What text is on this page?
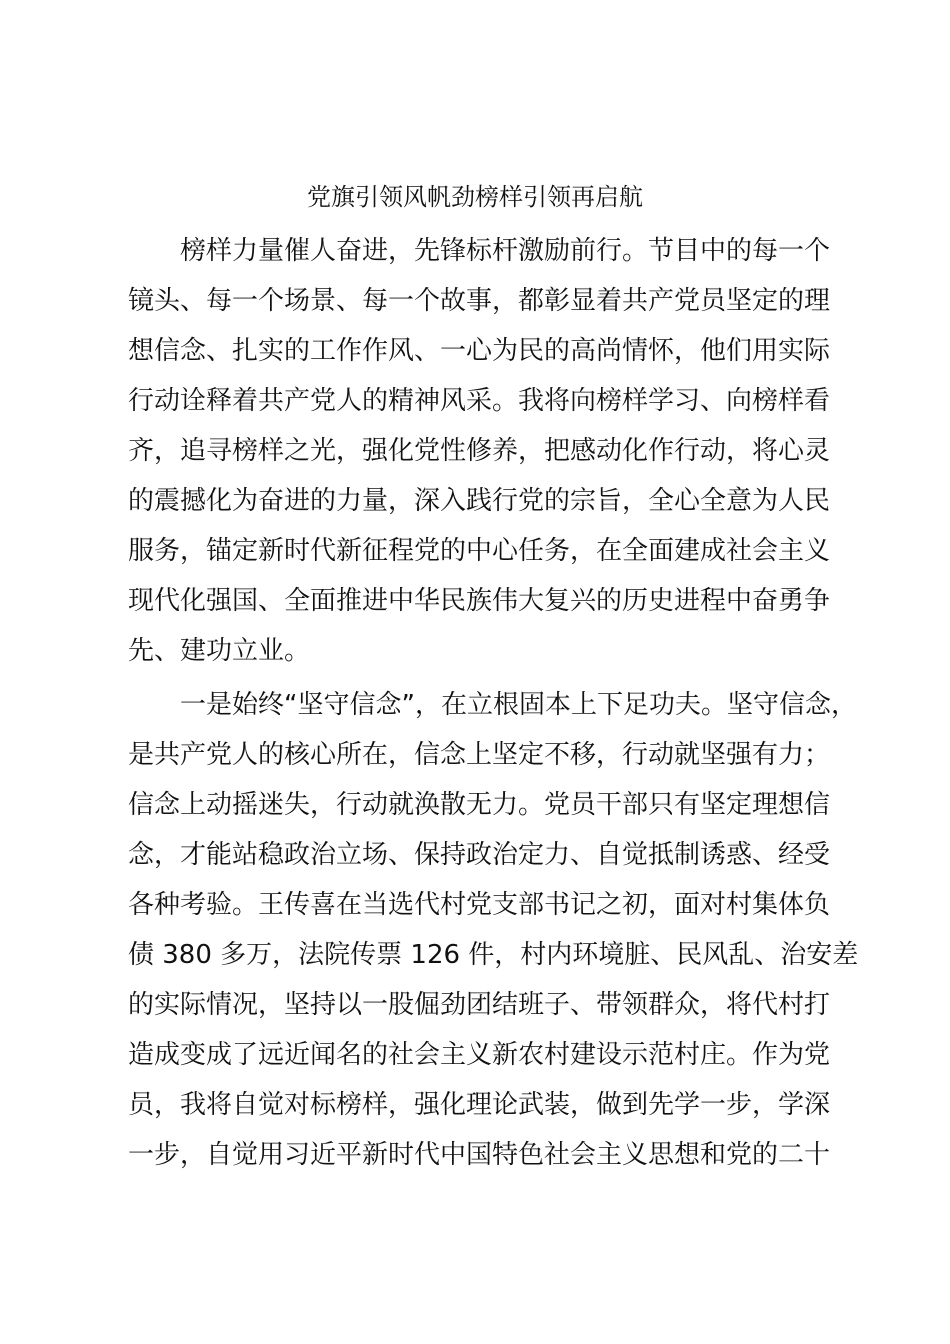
党旗引领风帆劲榜样引领再启航
榜样力量催人奋进，先锋标杆激励前行。节目中的每一个
镜头、每一个场景、每一个故事，都彰显着共产党员坚定的理
想信念、扎实的工作作风、一心为民的高尚情怀，他们用实际
行动诠释着共产党人的精神风采。我将向榜样学习、向榜样看
齐，追寻榜样之光，强化党性修养，把感动化作行动，将心灵
的震撼化为奋进的力量，深入践行党的宗旨，全心全意为人民
服务，锚定新时代新征程党的中心任务，在全面建成社会主义
现代化强国、全面推进中华民族伟大复兴的历史进程中奋勇争
先、建功立业。
一是始终“坚守信念”，在立根固本上下足功夫。坚守信念，
是共产党人的核心所在，信念上坚定不移，行动就坚强有力；
信念上动摇迷失，行动就涣散无力。党员干部只有坚定理想信
念，才能站稳政治立场、保持政治定力、自觉抵制诱惑、经受
各种考验。王传喜在当选代村党支部书记之初，面对村集体负
债 380 多万，法院传票 126 件，村内环境脏、民风乱、治安差
的实际情况，坚持以一股倔劲团结班子、带领群众，将代村打
造成变成了远近闻名的社会主义新农村建设示范村庄。作为党
员，我将自觉对标榜样，强化理论武装，做到先学一步，学深
一步，自觉用习近平新时代中国特色社会主义思想和党的二十
